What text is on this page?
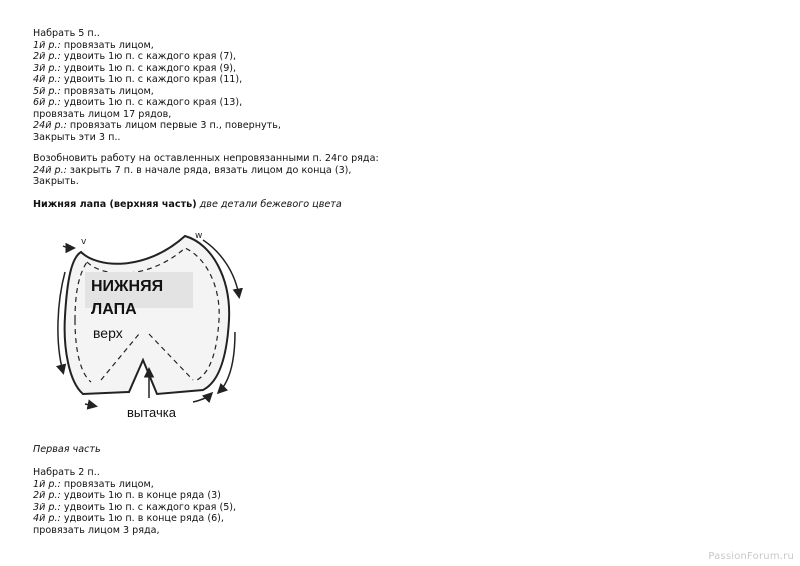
Набрать 5 п..
1й р.: провязать лицом,
2й р.: удвоить 1ю п. с каждого края (7),
3й р.: удвоить 1ю п. с каждого края (9),
4й р.: удвоить 1ю п. с каждого края (11),
5й р.: провязать лицом,
6й р.: удвоить 1ю п. с каждого края (13),
провязать лицом 17 рядов,
24й р.: провязать лицом первые 3 п., повернуть,
Закрыть эти 3 п..
Возобновить работу на оставленных непровязанными п. 24го ряда:
24й р.: закрыть 7 п. в начале ряда, вязать лицом до конца (3),
Закрыть.
Нижняя лапа (верхняя часть) две детали бежевого цвета
v
w
НИЖНЯЯ
ЛАПА
верх
вытачка
Первая часть

Набрать 2 п..
1й р.: провязать лицом,
2й р.: удвоить 1ю п. в конце ряда (3)
3й р.: удвоить 1ю п. с каждого края (5),
4й р.: удвоить 1ю п. в конце ряда (6),
провязать лицом 3 ряда,
PassionForum.ru
